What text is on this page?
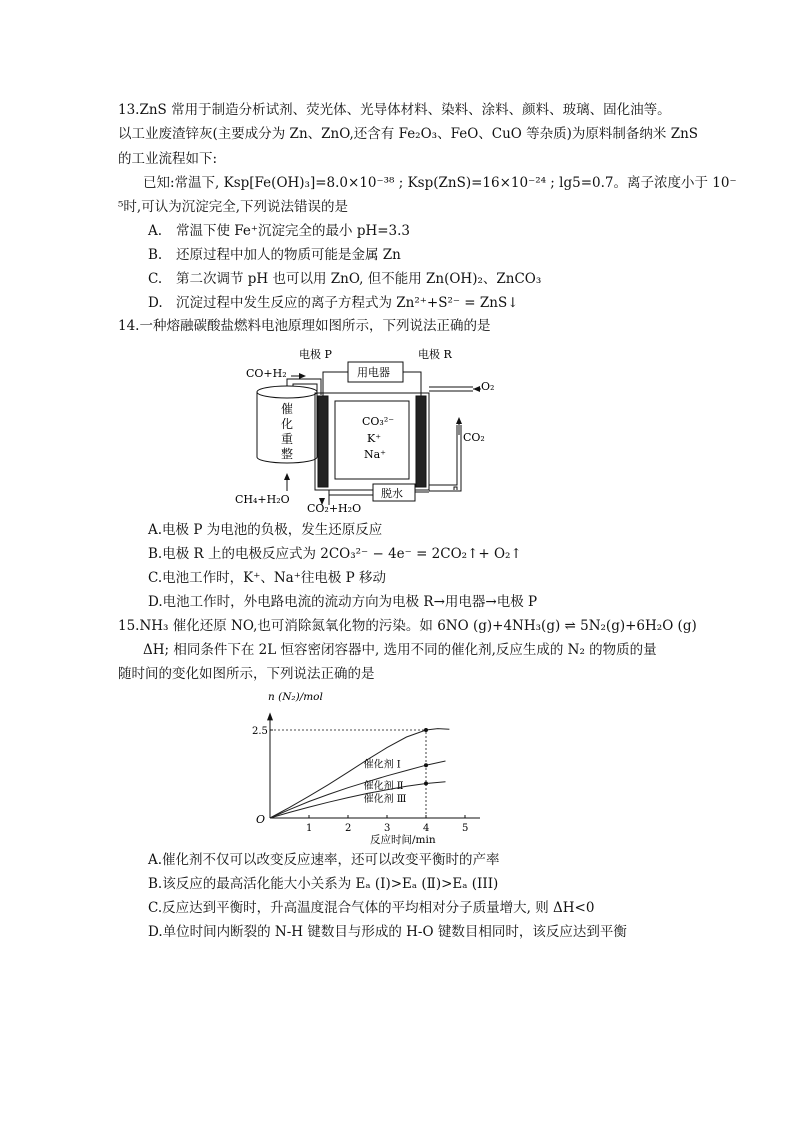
13.ZnS 常用于制造分析试剂、荧光体、光导体材料、染料、涂料、颜料、玻璃、固化油等。
以工业废渣锌灰(主要成分为 Zn、ZnO,还含有 Fe₂O₃、FeO、CuO 等杂质)为原料制备纳米 ZnS
的工业流程如下:
已知:常温下, Ksp[Fe(OH)₃]=8.0×10⁻³⁸ ; Ksp(ZnS)=16×10⁻²⁴ ; lg5=0.7。离子浓度小于 10⁻
⁵时,可认为沉淀完全,下列说法错误的是
A. 常温下使 Fe⁺沉淀完全的最小 pH=3.3
B. 还原过程中加人的物质可能是金属 Zn
C. 第二次调节 pH 也可以用 ZnO, 但不能用 Zn(OH)₂、ZnCO₃
D. 沉淀过程中发生反应的离子方程式为 Zn²⁺+S²⁻ = ZnS↓
14.一种熔融碳酸盐燃料电池原理如图所示，下列说法正确的是
电极 P	电极 R
用电器
CO+H₂
O₂
CO₂
催
化
重
整
CO₃²⁻
K⁺
Na⁺
脱水
CH₄+H₂O
CO₂+H₂O
A.电极 P 为电池的负极，发生还原反应
B.电极 R 上的电极反应式为 2CO₃²⁻ − 4e⁻ = 2CO₂↑+ O₂↑
C.电池工作时，K⁺、Na⁺往电极 P 移动
D.电池工作时，外电路电流的流动方向为电极 R→用电器→电极 P
15.NH₃ 催化还原 NO,也可消除氮氧化物的污染。如 6NO (g)+4NH₃(g) ⇌ 5N₂(g)+6H₂O (g)
ΔH; 相同条件下在 2L 恒容密闭容器中, 选用不同的催化剂,反应生成的 N₂ 的物质的量
随时间的变化如图所示，下列说法正确的是
1	2	3	4	5
2.5
催化剂 Ⅰ
催化剂 Ⅱ
催化剂 Ⅲ
n (N₂)/mol
反应时间/min
O
A.催化剂不仅可以改变反应速率，还可以改变平衡时的产率
B.该反应的最高活化能大小关系为 Eₐ (I)>Eₐ (Ⅱ)>Eₐ (III)
C.反应达到平衡时，升高温度混合气体的平均相对分子质量增大, 则 ΔH<0
D.单位时间内断裂的 N-H 键数目与形成的 H-O 键数目相同时，该反应达到平衡
